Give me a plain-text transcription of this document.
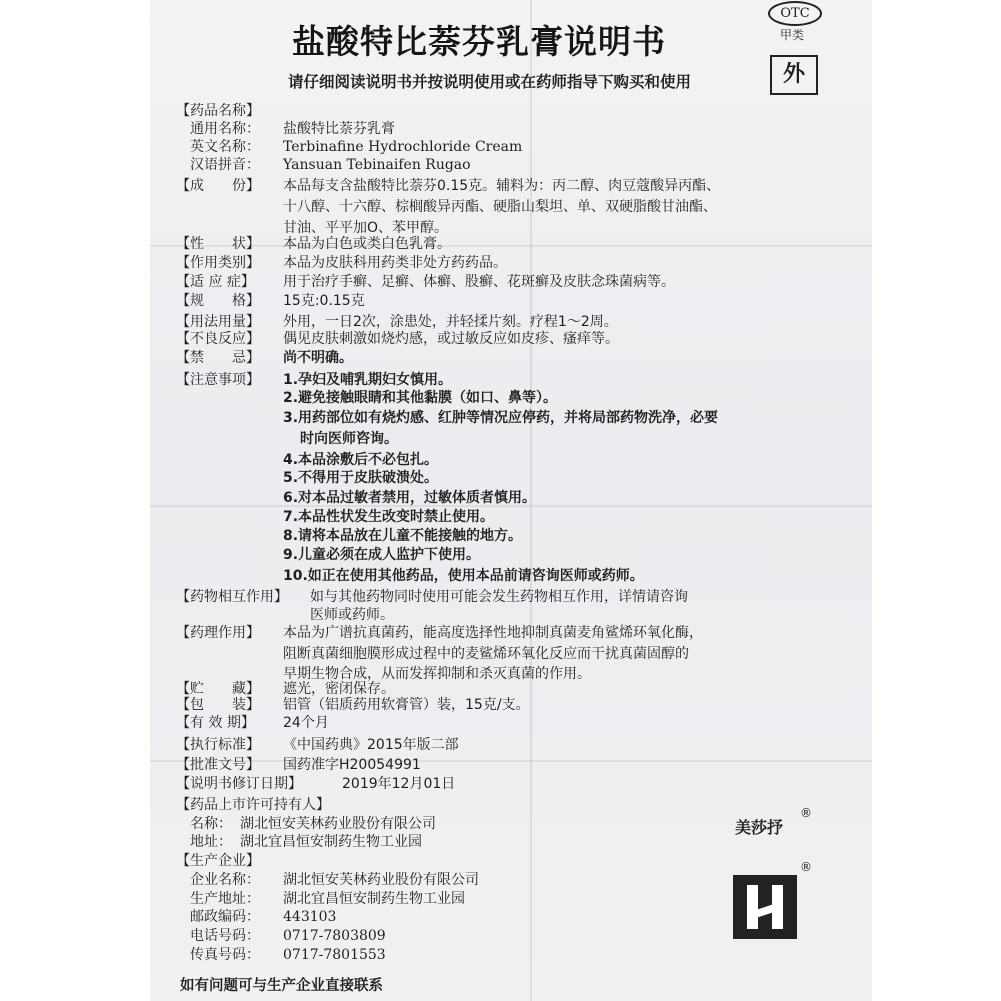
盐酸特比萘芬乳膏说明书
请仔细阅读说明书并按说明使用或在药师指导下购买和使用
OTC
甲类
外
【药品名称】
通用名称： 盐酸特比萘芬乳膏
英文名称： Terbinafine Hydrochloride Cream
汉语拼音： Yansuan Tebinaifen Rugao
【成　　份】 本品每支含盐酸特比萘芬0.15克。辅料为：丙二醇、肉豆蔻酸异丙酯、
十八醇、十六醇、棕榈酸异丙酯、硬脂山梨坦、单、双硬脂酸甘油酯、
甘油、平平加O、苯甲醇。
【性　　状】 本品为白色或类白色乳膏。
【作用类别】 本品为皮肤科用药类非处方药药品。
【适 应 症】 用于治疗手癣、足癣、体癣、股癣、花斑癣及皮肤念珠菌病等。
【规　　格】 15克:0.15克
【用法用量】 外用，一日2次，涂患处，并轻揉片刻。疗程1～2周。
【不良反应】 偶见皮肤刺激如烧灼感，或过敏反应如皮疹、瘙痒等。
【禁　　忌】 尚不明确。
【注意事项】 1.孕妇及哺乳期妇女慎用。
2.避免接触眼睛和其他黏膜（如口、鼻等）。
3.用药部位如有烧灼感、红肿等情况应停药，并将局部药物洗净，必要
时向医师咨询。
4.本品涂敷后不必包扎。
5.不得用于皮肤破溃处。
6.对本品过敏者禁用，过敏体质者慎用。
7.本品性状发生改变时禁止使用。
8.请将本品放在儿童不能接触的地方。
9.儿童必须在成人监护下使用。
10.如正在使用其他药品，使用本品前请咨询医师或药师。
【药物相互作用】 如与其他药物同时使用可能会发生药物相互作用，详情请咨询
医师或药师。
【药理作用】 本品为广谱抗真菌药，能高度选择性地抑制真菌麦角鲨烯环氧化酶，
阻断真菌细胞膜形成过程中的麦鲨烯环氧化反应而干扰真菌固醇的
早期生物合成，从而发挥抑制和杀灭真菌的作用。
【贮　　藏】 遮光，密闭保存。
【包　　装】 铝管（铝质药用软膏管）装，15克/支。
【有 效 期】 24个月
【执行标准】 《中国药典》2015年版二部
【批准文号】 国药准字H20054991
【说明书修订日期】	2019年12月01日
【药品上市许可持有人】
名称： 湖北恒安芙林药业股份有限公司
地址： 湖北宜昌恒安制药生物工业园
【生产企业】
企业名称： 湖北恒安芙林药业股份有限公司
生产地址： 湖北宜昌恒安制药生物工业园
邮政编码： 443103
电话号码： 0717-7803809
传真号码： 0717-7801553
美莎抒
®
®
如有问题可与生产企业直接联系
